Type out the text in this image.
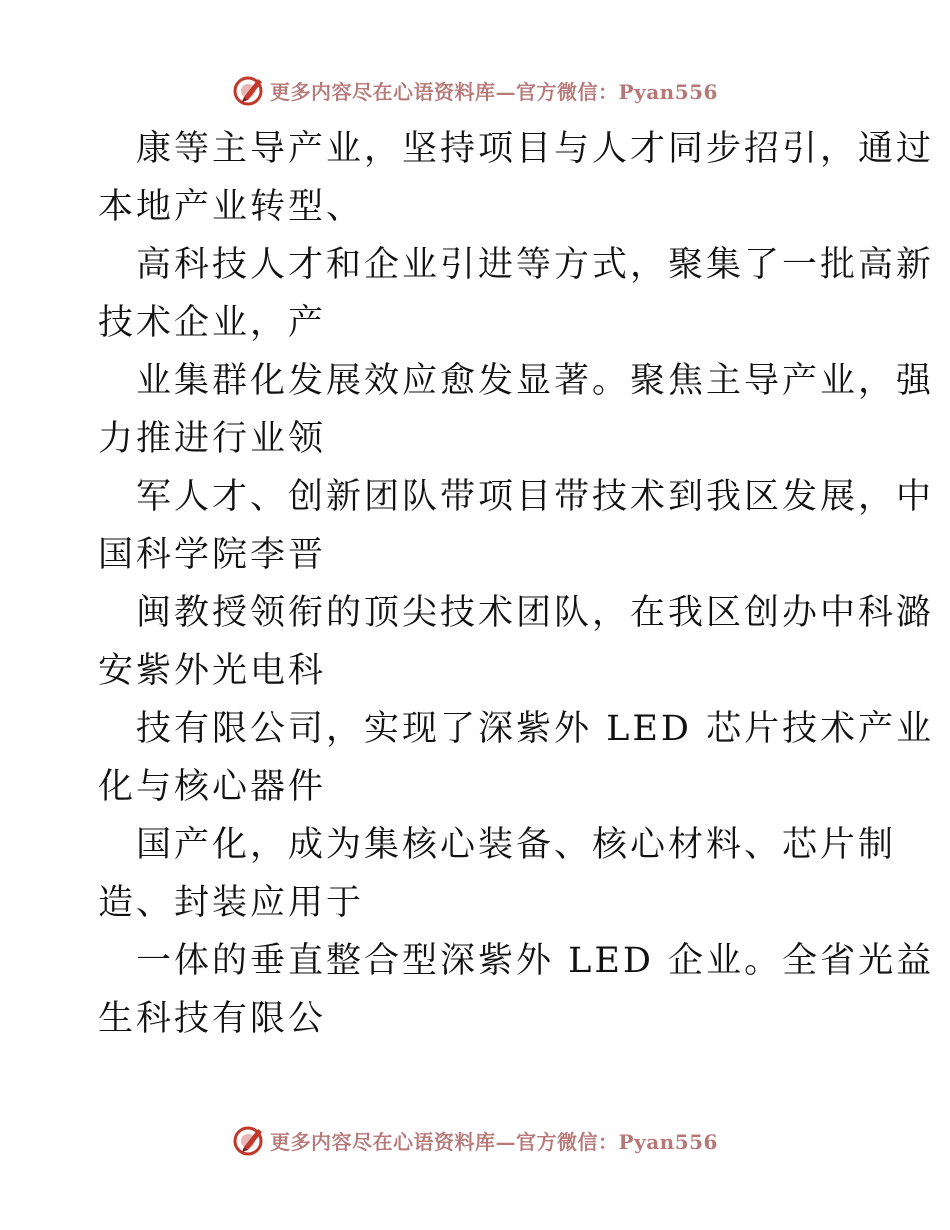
更多内容尽在心语资料库—官方微信：Pyan556
康等主导产业，坚持项目与人才同步招引，通过
本地产业转型、
高科技人才和企业引进等方式，聚集了一批高新
技术企业，产
业集群化发展效应愈发显著。聚焦主导产业，强
力推进行业领
军人才、创新团队带项目带技术到我区发展，中
国科学院李晋
闽教授领衔的顶尖技术团队，在我区创办中科潞
安紫外光电科
技有限公司，实现了深紫外 LED 芯片技术产业
化与核心器件
国产化，成为集核心装备、核心材料、芯片制
造、封装应用于
一体的垂直整合型深紫外 LED 企业。全省光益
生科技有限公
更多内容尽在心语资料库—官方微信：Pyan556
